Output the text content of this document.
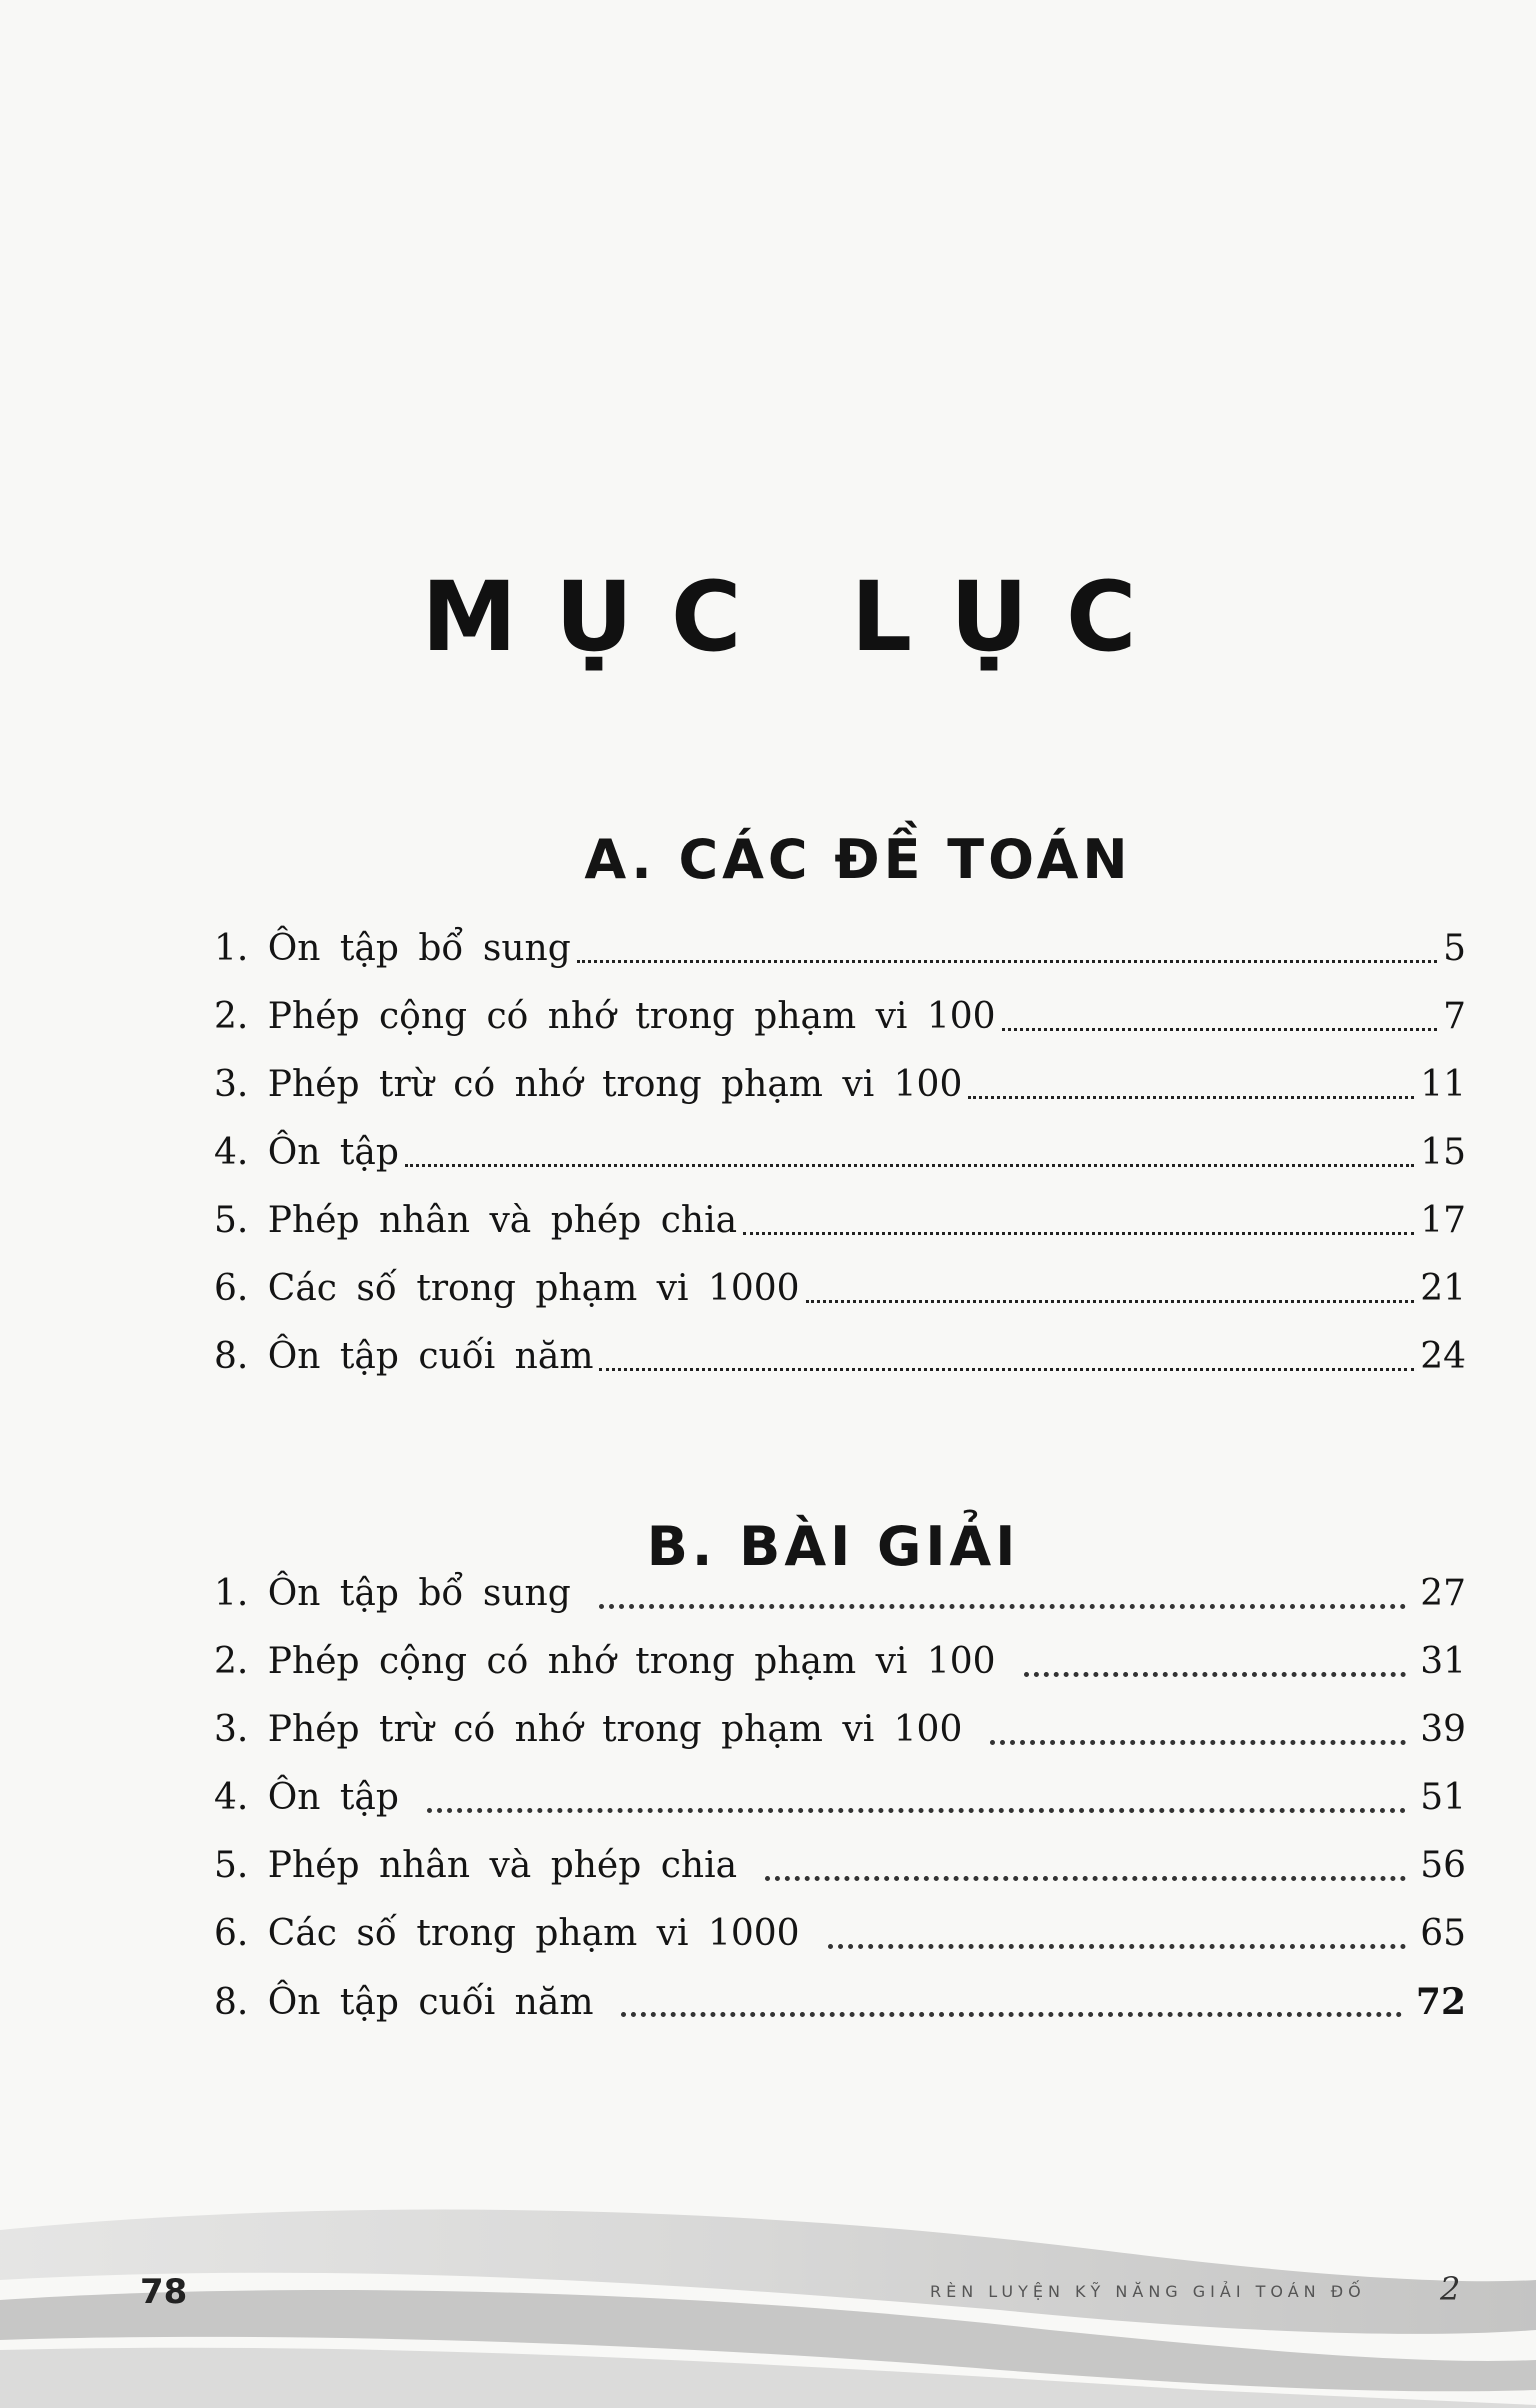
MỤC LỤC
A. CÁC ĐỀ TOÁN
1. Ôn tập bổ sung	5
2. Phép cộng có nhớ trong phạm vi 100	7
3. Phép trừ có nhớ trong phạm vi 100	11
4. Ôn tập	15
5. Phép nhân và phép chia	17
6. Các số trong phạm vi 1000	21
8. Ôn tập cuối năm	24
B. BÀI GIẢI
1. Ôn tập bổ sung	27
2. Phép cộng có nhớ trong phạm vi 100	31
3. Phép trừ có nhớ trong phạm vi 100	39
4. Ôn tập	51
5. Phép nhân và phép chia	56
6. Các số trong phạm vi 1000	65
8. Ôn tập cuối năm	72
78	RÈN LUYỆN KỸ NĂNG GIẢI TOÁN ĐỐ 2
